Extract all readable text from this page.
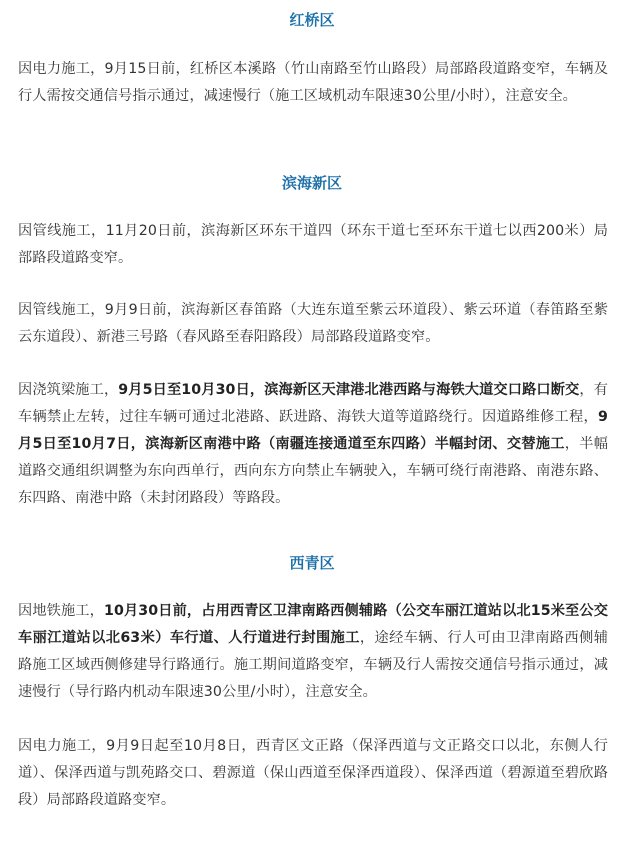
红桥区

因电力施工，9月15日前，红桥区本溪路（竹山南路至竹山路段）局部路段道路变窄，车辆及行人需按交通信号指示通过，减速慢行（施工区域机动车限速30公里/小时），注意安全。

滨海新区

因管线施工，11月20日前，滨海新区环东干道四（环东干道七至环东干道七以西200米）局部路段道路变窄。

因管线施工，9月9日前，滨海新区春笛路（大连东道至紫云环道段）、紫云环道（春笛路至紫云东道段）、新港三号路（春风路至春阳路段）局部路段道路变窄。

因浇筑梁施工，9月5日至10月30日，滨海新区天津港北港西路与海铁大道交口路口断交，有车辆禁止左转，过往车辆可通过北港路、跃进路、海铁大道等道路绕行。因道路维修工程，9月5日至10月7日，滨海新区南港中路（南疆连接通道至东四路）半幅封闭、交替施工，半幅道路交通组织调整为东向西单行，西向东方向禁止车辆驶入，车辆可绕行南港路、南港东路、东四路、南港中路（未封闭路段）等路段。

西青区

因地铁施工，10月30日前，占用西青区卫津南路西侧辅路（公交车丽江道站以北15米至公交车丽江道站以北63米）车行道、人行道进行封围施工，途经车辆、行人可由卫津南路西侧辅路施工区域西侧修建导行路通行。施工期间道路变窄，车辆及行人需按交通信号指示通过，减速慢行（导行路内机动车限速30公里/小时），注意安全。

因电力施工，9月9日起至10月8日，西青区文正路（保泽西道与文正路交口以北，东侧人行道）、保泽西道与凯苑路交口、碧源道（保山西道至保泽西道段）、保泽西道（碧源道至碧欣路段）局部路段道路变窄。
